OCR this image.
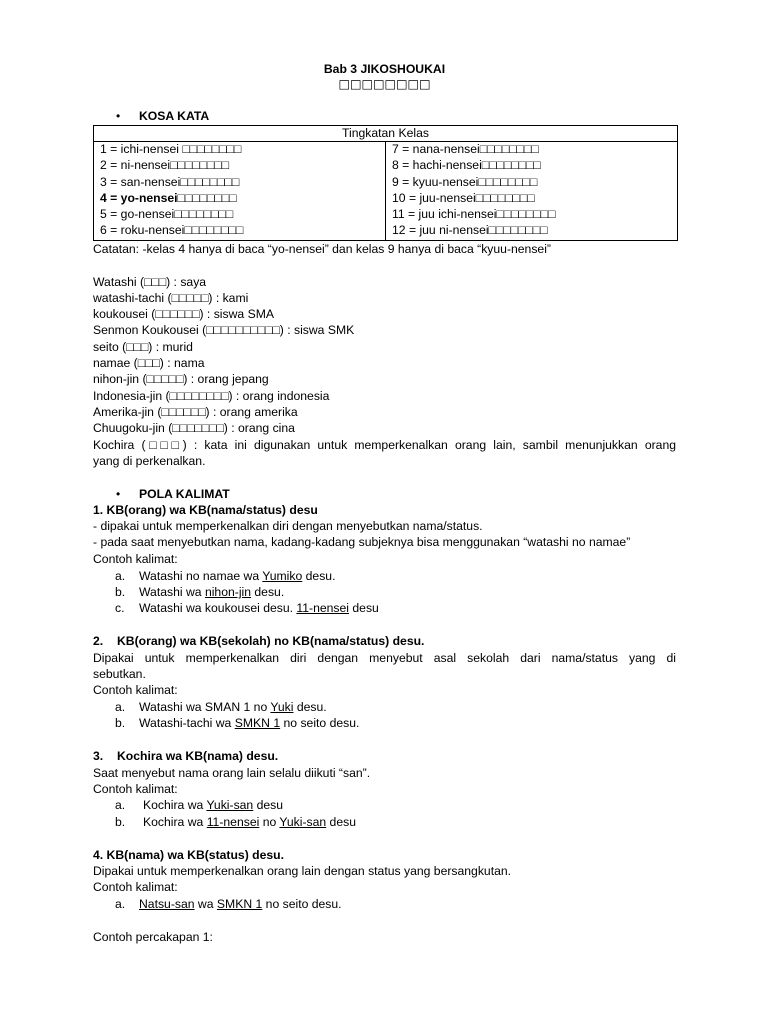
Bab 3 JIKOSHOUKAI
□□□□□□□□
• KOSA KATA
Tingkatan Kelas

1 = ichi-nensei □□□□□□□□
2 = ni-nensei□□□□□□□□
3 = san-nensei□□□□□□□□
4 = yo-nensei□□□□□□□□
5 = go-nensei□□□□□□□□
6 = roku-nensei□□□□□□□□

7 = nana-nensei□□□□□□□□
8 = hachi-nensei□□□□□□□□
9 = kyuu-nensei□□□□□□□□
10 = juu-nensei□□□□□□□□
11 = juu ichi-nensei□□□□□□□□
12 = juu ni-nensei□□□□□□□□
Catatan: -kelas 4 hanya di baca “yo-nensei” dan kelas 9 hanya di baca “kyuu-nensei”
Watashi (□□□) : saya
watashi-tachi (□□□□□) : kami
koukousei (□□□□□□) : siswa SMA
Senmon Koukousei (□□□□□□□□□□) : siswa SMK
seito (□□□) : murid
namae (□□□) : nama
nihon-jin (□□□□□) : orang jepang
Indonesia-jin (□□□□□□□□) : orang indonesia
Amerika-jin (□□□□□□) : orang amerika
Chuugoku-jin (□□□□□□□) : orang cina
Kochira (□□□) : kata ini digunakan untuk memperkenalkan orang lain, sambil menunjukkan orang
yang di perkenalkan.
• POLA KALIMAT
1. KB(orang) wa KB(nama/status) desu
- dipakai untuk memperkenalkan diri dengan menyebutkan nama/status.
- pada saat menyebutkan nama, kadang-kadang subjeknya bisa menggunakan “watashi no namae”
Contoh kalimat:
a. Watashi no namae wa Yumiko desu.
b. Watashi wa nihon-jin desu.
c. Watashi wa koukousei desu. 11-nensei desu
2. KB(orang) wa KB(sekolah) no KB(nama/status) desu.
Dipakai untuk memperkenalkan diri dengan menyebut asal sekolah dari nama/status yang di
sebutkan.
Contoh kalimat:
a. Watashi wa SMAN 1 no Yuki desu.
b. Watashi-tachi wa SMKN 1 no seito desu.
3. Kochira wa KB(nama) desu.
Saat menyebut nama orang lain selalu diikuti “san”.
Contoh kalimat:
a. Kochira wa Yuki-san desu
b. Kochira wa 11-nensei no Yuki-san desu
4. KB(nama) wa KB(status) desu.
Dipakai untuk memperkenalkan orang lain dengan status yang bersangkutan.
Contoh kalimat:
a. Natsu-san wa SMKN 1 no seito desu.
Contoh percakapan 1:
